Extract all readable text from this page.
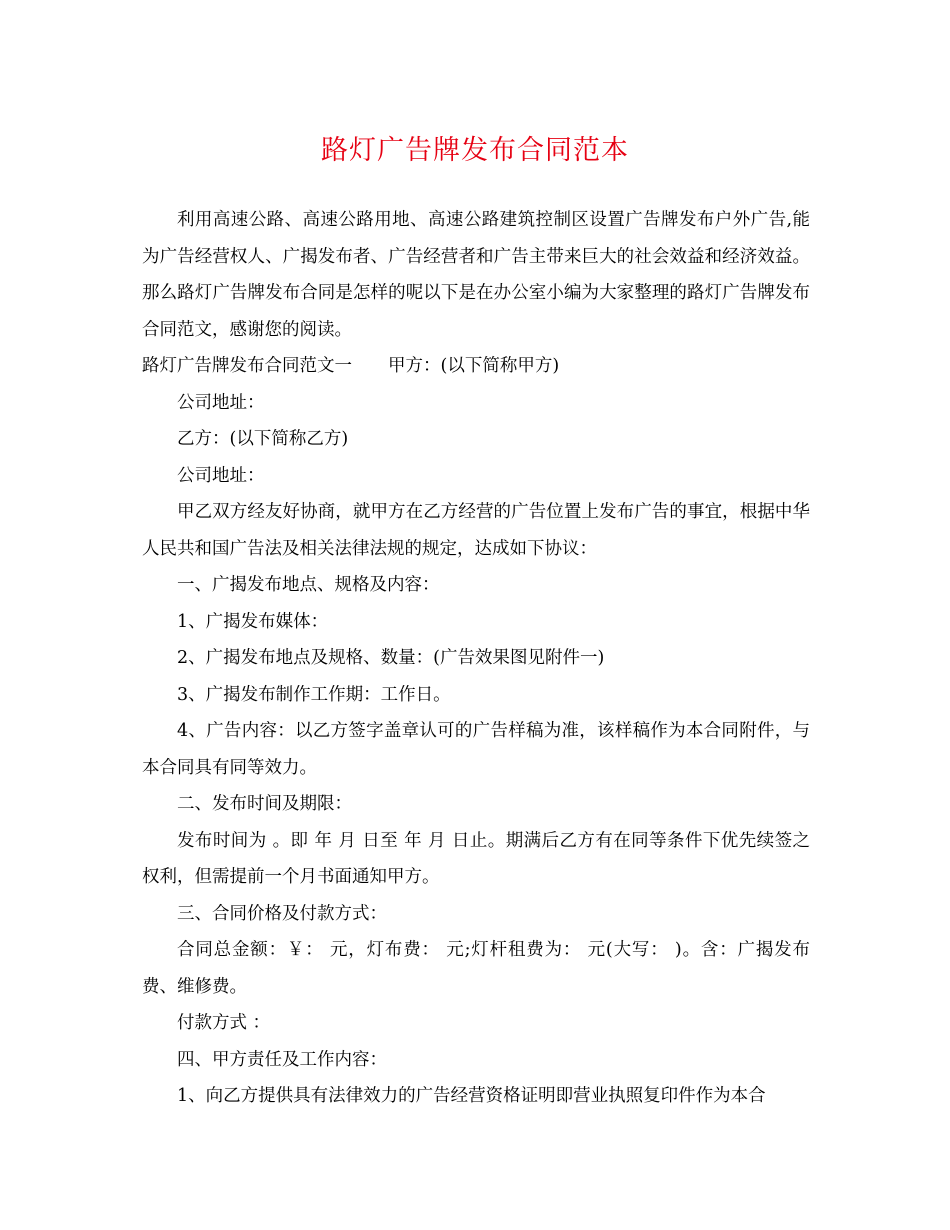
路灯广告牌发布合同范本

利用高速公路、高速公路用地、高速公路建筑控制区设置广告牌发布户外广告,能为广告经营权人、广揭发布者、广告经营者和广告主带来巨大的社会效益和经济效益。那么路灯广告牌发布合同是怎样的呢以下是在办公室小编为大家整理的路灯广告牌发布合同范文，感谢您的阅读。

路灯广告牌发布合同范文一 甲方：(以下简称甲方)

公司地址：

乙方：(以下简称乙方)

公司地址：

甲乙双方经友好协商，就甲方在乙方经营的广告位置上发布广告的事宜，根据中华人民共和国广告法及相关法律法规的规定，达成如下协议：

一、广揭发布地点、规格及内容：

1、广揭发布媒体：

2、广揭发布地点及规格、数量：(广告效果图见附件一)

3、广揭发布制作工作期：工作日。

4、广告内容：以乙方签字盖章认可的广告样稿为准，该样稿作为本合同附件，与本合同具有同等效力。

二、发布时间及期限：

发布时间为 。即 年 月 日至 年 月 日止。期满后乙方有在同等条件下优先续签之权利，但需提前一个月书面通知甲方。

三、合同价格及付款方式：

合同总金额：￥： 元，灯布费： 元;灯杆租费为： 元(大写： )。含：广揭发布费、维修费。

付款方式 ：

四、甲方责任及工作内容：

1、向乙方提供具有法律效力的广告经营资格证明即营业执照复印件作为本合
